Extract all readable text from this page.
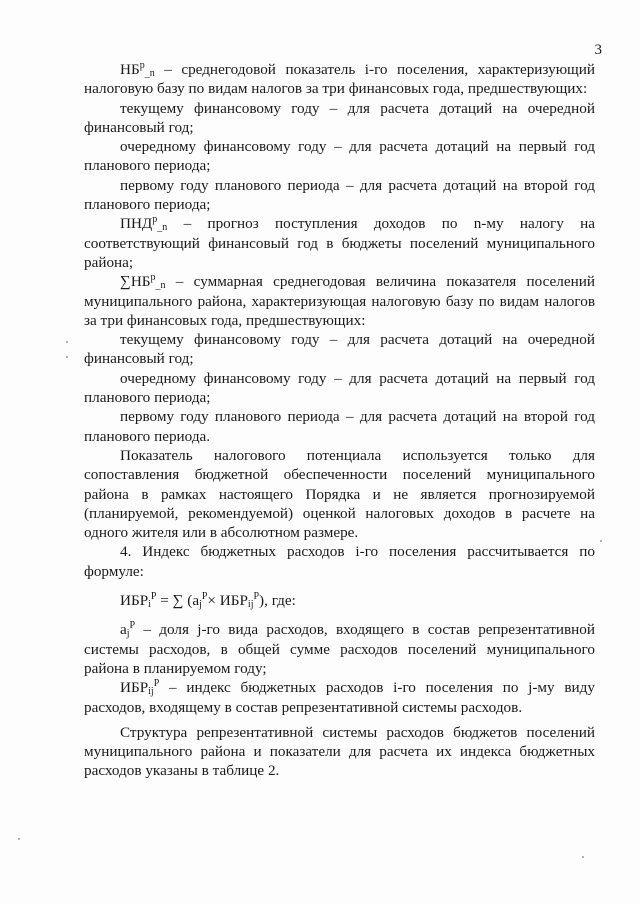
3

$НБ^р_{\_n}$ – среднегодовой показатель i-го поселения, характеризующий налоговую базу по видам налогов за три финансовых года, предшествующих:

текущему финансовому году – для расчета дотаций на очередной финансовый год;

очередному финансовому году – для расчета дотаций на первый год планового периода;

первому году планового периода – для расчета дотаций на второй год планового периода;

$ПНД^р_{\_n}$ – прогноз поступления доходов по n-му налогу на соответствующий финансовый год в бюджеты поселений муниципального района;

$\sum НБ^р_{\_n}$ – суммарная среднегодовая величина показателя поселений муниципального района, характеризующая налоговую базу по видам налогов за три финансовых года, предшествующих:

текущему финансовому году – для расчета дотаций на очередной финансовый год;

очередному финансовому году – для расчета дотаций на первый год планового периода;

первому году планового периода – для расчета дотаций на второй год планового периода.

Показатель налогового потенциала используется только для сопоставления бюджетной обеспеченности поселений муниципального района в рамках настоящего Порядка и не является прогнозируемой (планируемой, рекомендуемой) оценкой налоговых доходов в расчете на одного жителя или в абсолютном размере.

4. Индекс бюджетных расходов i-го поселения рассчитывается по формуле:

$ИБР_i^P$ = ∑ $(a_j^P\times ИБР_{ij}^P)$, где:

$a_j^P$ – доля j-го вида расходов, входящего в состав репрезентативной системы расходов, в общей сумме расходов поселений муниципального района в планируемом году;

$ИБР_{ij}^P$ – индекс бюджетных расходов i-го поселения по j-му виду расходов, входящему в состав репрезентативной системы расходов.

Структура репрезентативной системы расходов бюджетов поселений муниципального района и показатели для расчета их индекса бюджетных расходов указаны в таблице 2.
